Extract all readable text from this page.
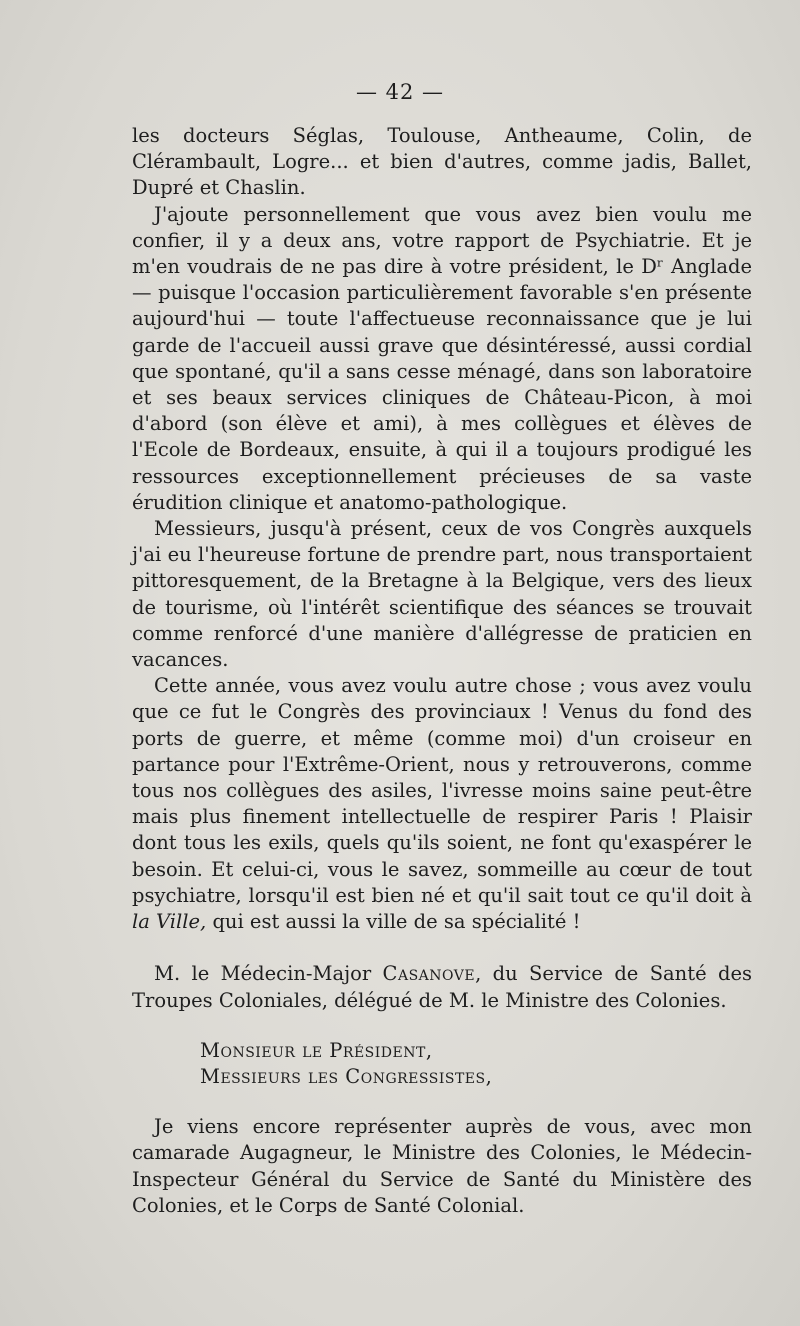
— 42 —

les docteurs Séglas, Toulouse, Antheaume, Colin, de Clérambault, Logre... et bien d'autres, comme jadis, Ballet, Dupré et Chaslin.

J'ajoute personnellement que vous avez bien voulu me confier, il y a deux ans, votre rapport de Psychiatrie. Et je m'en voudrais de ne pas dire à votre président, le Dʳ Anglade — puisque l'occasion particulièrement favorable s'en présente aujourd'hui — toute l'affectueuse reconnaissance que je lui garde de l'accueil aussi grave que désintéressé, aussi cordial que spontané, qu'il a sans cesse ménagé, dans son laboratoire et ses beaux services cliniques de Château-Picon, à moi d'abord (son élève et ami), à mes collègues et élèves de l'Ecole de Bordeaux, ensuite, à qui il a toujours prodigué les ressources exceptionnellement précieuses de sa vaste érudition clinique et anatomo-pathologique.

Messieurs, jusqu'à présent, ceux de vos Congrès auxquels j'ai eu l'heureuse fortune de prendre part, nous transportaient pittoresquement, de la Bretagne à la Belgique, vers des lieux de tourisme, où l'intérêt scientifique des séances se trouvait comme renforcé d'une manière d'allégresse de praticien en vacances.

Cette année, vous avez voulu autre chose ; vous avez voulu que ce fut le Congrès des provinciaux ! Venus du fond des ports de guerre, et même (comme moi) d'un croiseur en partance pour l'Extrême-Orient, nous y retrouverons, comme tous nos collègues des asiles, l'ivresse moins saine peut-être mais plus finement intellectuelle de respirer Paris ! Plaisir dont tous les exils, quels qu'ils soient, ne font qu'exaspérer le besoin. Et celui-ci, vous le savez, sommeille au cœur de tout psychiatre, lorsqu'il est bien né et qu'il sait tout ce qu'il doit à la Ville, qui est aussi la ville de sa spécialité !

M. le Médecin-Major Casanove, du Service de Santé des Troupes Coloniales, délégué de M. le Ministre des Colonies.

Monsieur le Président,
Messieurs les Congressistes,

Je viens encore représenter auprès de vous, avec mon camarade Augagneur, le Ministre des Colonies, le Médecin-Inspecteur Général du Service de Santé du Ministère des Colonies, et le Corps de Santé Colonial.
